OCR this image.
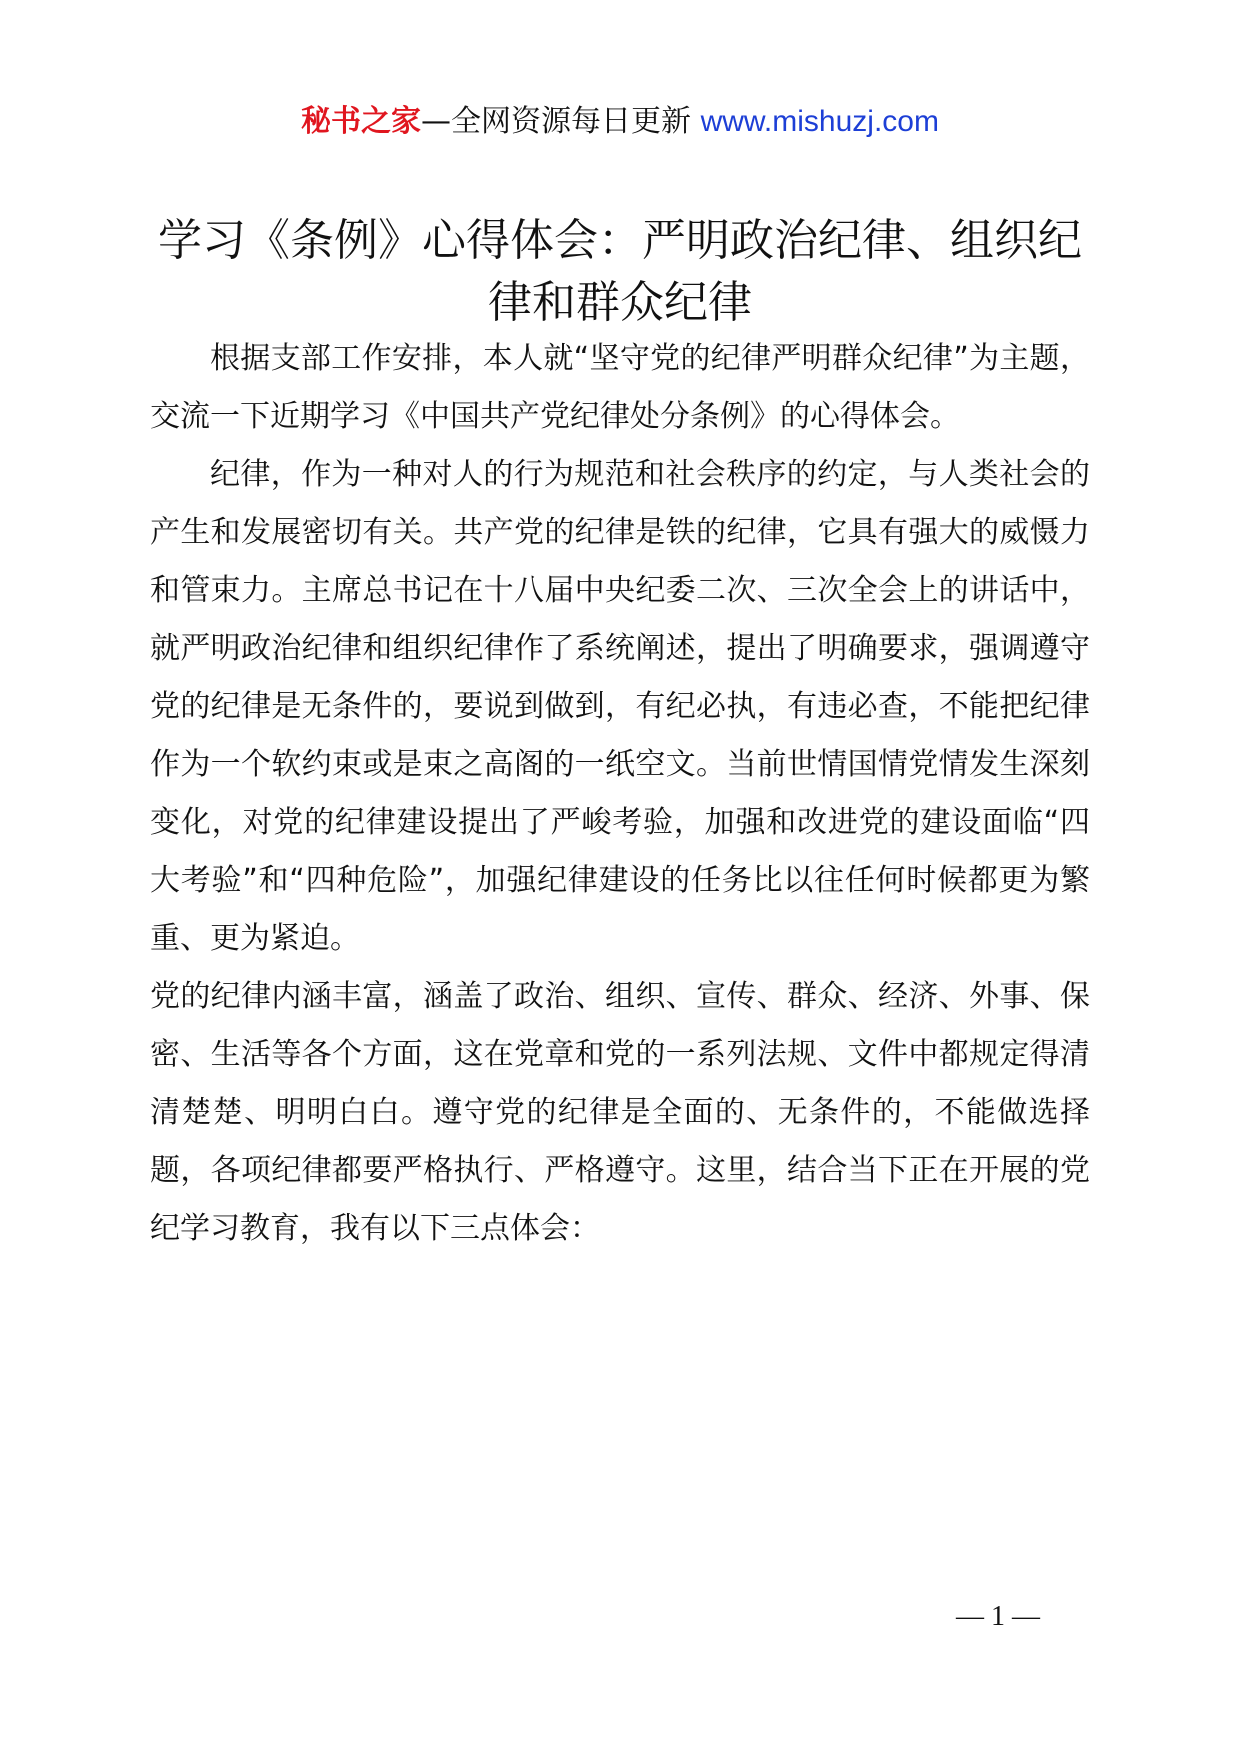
秘书之家—全网资源每日更新 www.mishuzj.com
学习《条例》心得体会：严明政治纪律、组织纪律和群众纪律

根据支部工作安排，本人就“坚守党的纪律严明群众纪律”为主题，交流一下近期学习《中国共产党纪律处分条例》的心得体会。

纪律，作为一种对人的行为规范和社会秩序的约定，与人类社会的产生和发展密切有关。共产党的纪律是铁的纪律，它具有强大的威慑力和管束力。主席总书记在十八届中央纪委二次、三次全会上的讲话中，就严明政治纪律和组织纪律作了系统阐述，提出了明确要求，强调遵守党的纪律是无条件的，要说到做到，有纪必执，有违必查，不能把纪律作为一个软约束或是束之高阁的一纸空文。当前世情国情党情发生深刻变化，对党的纪律建设提出了严峻考验，加强和改进党的建设面临“四大考验”和“四种危险”，加强纪律建设的任务比以往任何时候都更为繁重、更为紧迫。

党的纪律内涵丰富，涵盖了政治、组织、宣传、群众、经济、外事、保密、生活等各个方面，这在党章和党的一系列法规、文件中都规定得清清楚楚、明明白白。遵守党的纪律是全面的、无条件的，不能做选择题，各项纪律都要严格执行、严格遵守。这里，结合当下正在开展的党纪学习教育，我有以下三点体会：

— 1 —
